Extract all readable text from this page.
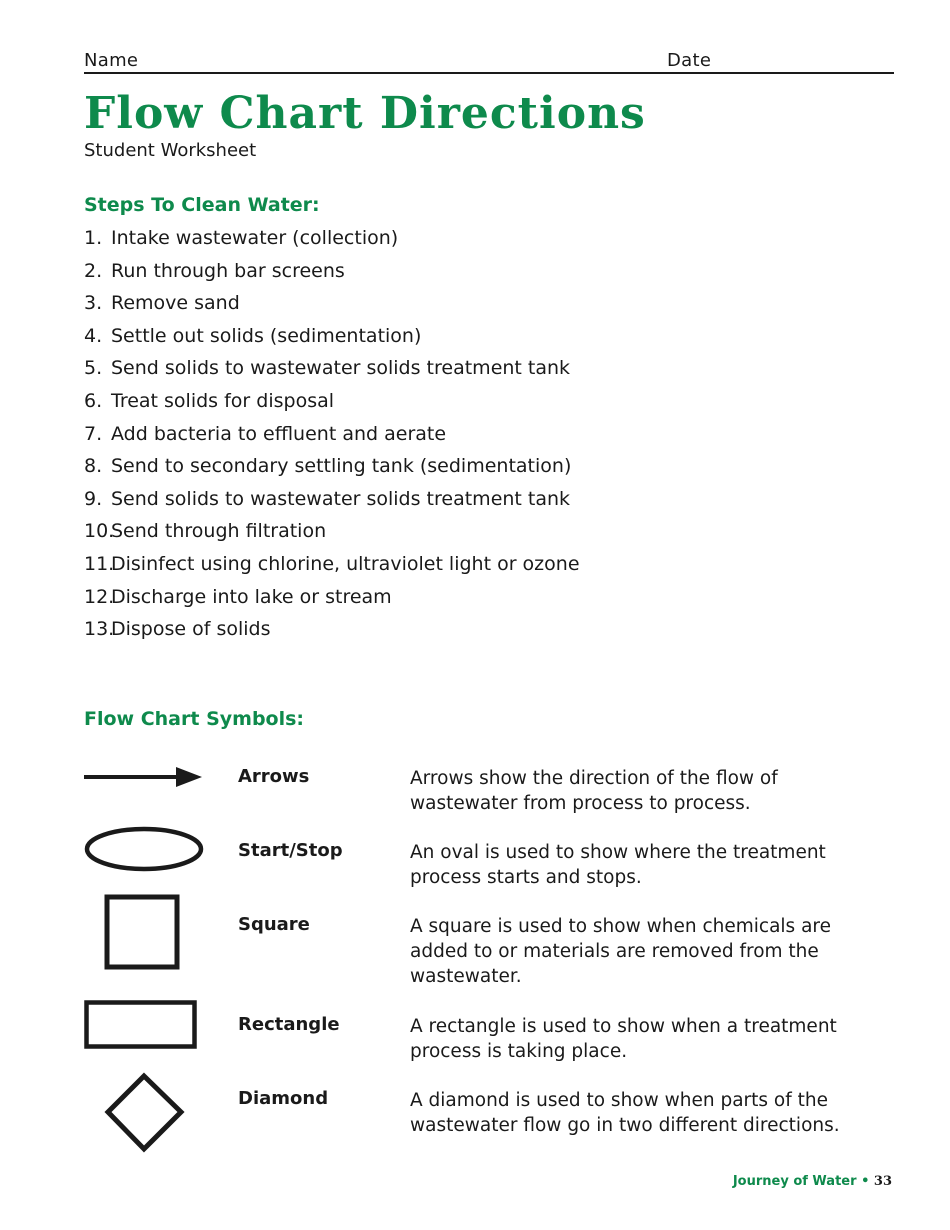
Name	Date
Flow Chart Directions
Student Worksheet
Steps To Clean Water:
1. Intake wastewater (collection)
2. Run through bar screens
3. Remove sand
4. Settle out solids (sedimentation)
5. Send solids to wastewater solids treatment tank
6. Treat solids for disposal
7. Add bacteria to effluent and aerate
8. Send to secondary settling tank (sedimentation)
9. Send solids to wastewater solids treatment tank
10.
Send through filtration
11.
Disinfect using chlorine, ultraviolet light or ozone
12.
Discharge into lake or stream
13.
Dispose of solids
Flow Chart Symbols:
Arrows	Arrows show the direction of the flow of wastewater from process to process.
Start/Stop	An oval is used to show where the treatment process starts and stops.
Square	A square is used to show when chemicals are added to or materials are removed from the wastewater.
Rectangle	A rectangle is used to show when a treatment process is taking place.
Diamond	A diamond is used to show when parts of the wastewater flow go in two different directions.
Journey of Water • 33
